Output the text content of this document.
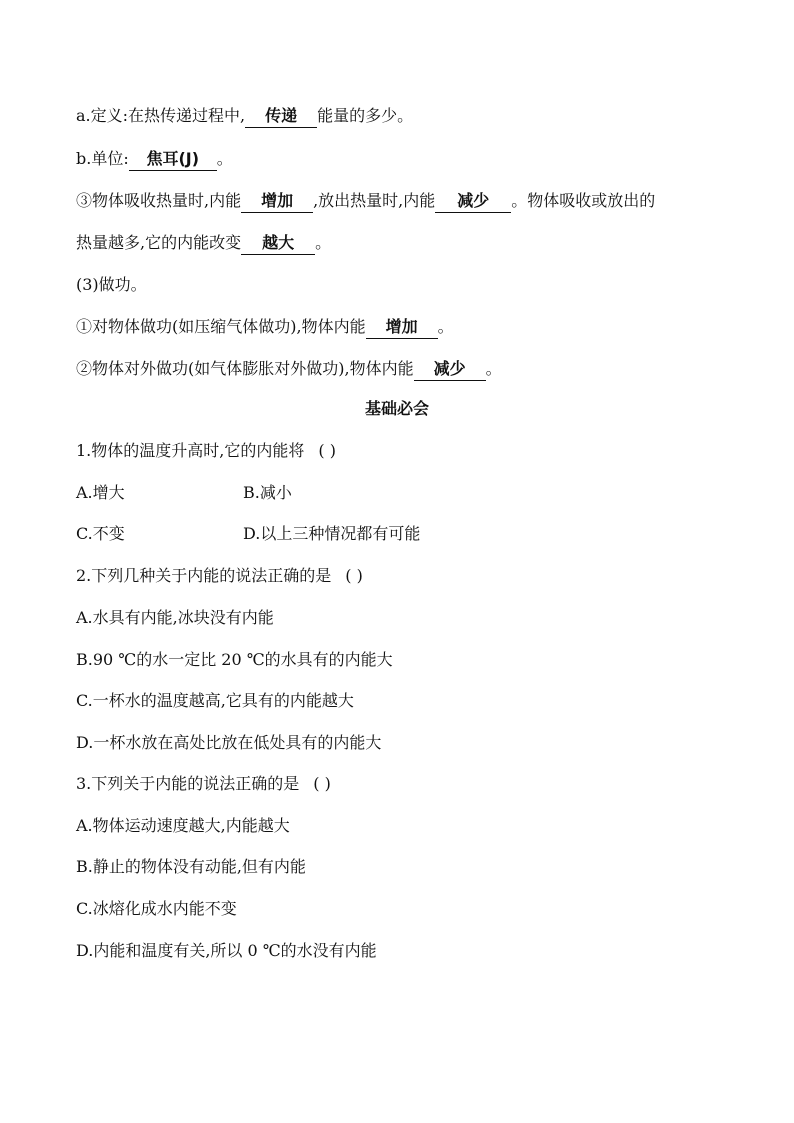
a.定义:在热传递过程中, 传递 能量的多少。
b.单位: 焦耳(J) 。
③物体吸收热量时,内能 增加 ,放出热量时,内能 减少 。物体吸收或放出的
热量越多,它的内能改变 越大 。
(3)做功。
①对物体做功(如压缩气体做功),物体内能 增加 。
②物体对外做功(如气体膨胀对外做功),物体内能 减少 。
基础必会
1.物体的温度升高时,它的内能将 ( )
A.增大	B.减小
C.不变	D.以上三种情况都有可能
2.下列几种关于内能的说法正确的是 ( )
A.水具有内能,冰块没有内能
B.90 ℃的水一定比 20 ℃的水具有的内能大
C.一杯水的温度越高,它具有的内能越大
D.一杯水放在高处比放在低处具有的内能大
3.下列关于内能的说法正确的是 ( )
A.物体运动速度越大,内能越大
B.静止的物体没有动能,但有内能
C.冰熔化成水内能不变
D.内能和温度有关,所以 0 ℃的水没有内能
